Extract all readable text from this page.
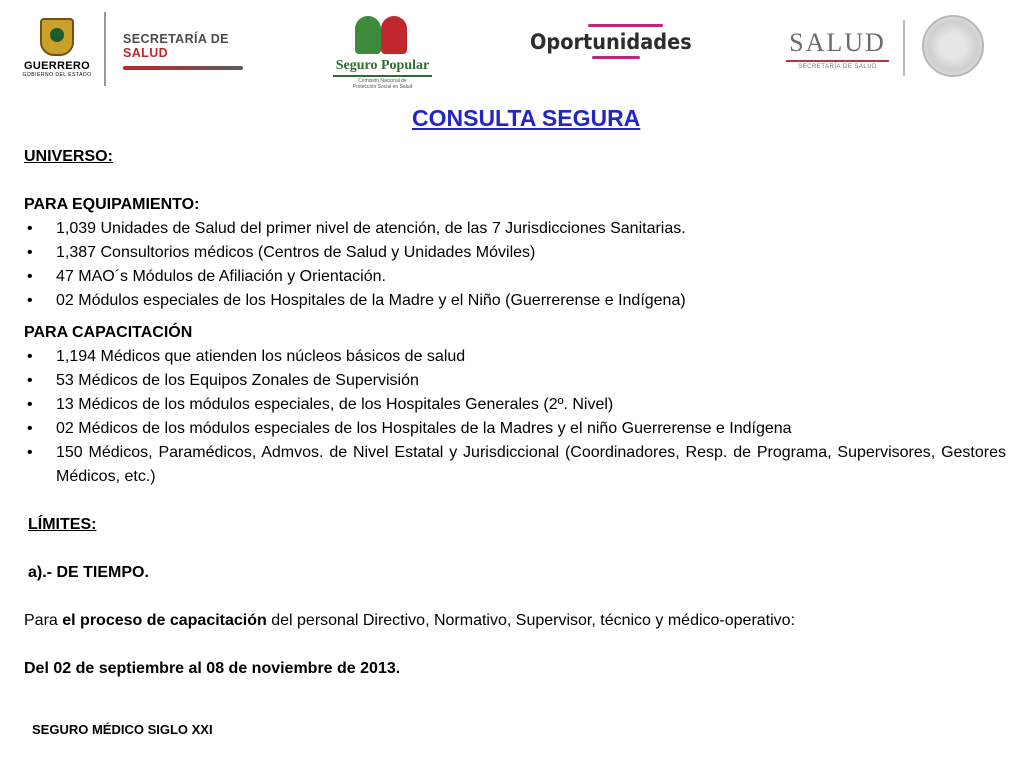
GUERRERO
GOBIERNO DEL ESTADO
SECRETARÍA DE
SALUD
Seguro Popular
Comisión Nacional de
Protección Social en Salud
Oportunidades	SALUD
SECRETARÍA DE SALUD
CONSULTA SEGURA
UNIVERSO:
PARA EQUIPAMIENTO:
• 1,039 Unidades de Salud del primer nivel de atención, de las 7 Jurisdicciones Sanitarias.
• 1,387 Consultorios médicos (Centros de Salud y Unidades Móviles)
• 47 MAO´s Módulos de Afiliación y Orientación.
• 02 Módulos especiales de los Hospitales de la Madre y el Niño (Guerrerense e Indígena)
PARA CAPACITACIÓN
• 1,194 Médicos que atienden los núcleos básicos de salud
• 53 Médicos de los Equipos Zonales de Supervisión
• 13 Médicos de los módulos especiales, de los Hospitales Generales (2º. Nivel)
• 02 Médicos de los módulos especiales de los Hospitales de la Madres y el niño Guerrerense e Indígena
• 150 Médicos, Paramédicos, Admvos. de Nivel Estatal y Jurisdiccional (Coordinadores, Resp. de Programa, Supervisores, Gestores Médicos, etc.)
LÍMITES:
a).- DE TIEMPO.
Para el proceso de capacitación del personal Directivo, Normativo, Supervisor, técnico y médico-operativo:
Del 02 de septiembre al 08 de noviembre de 2013.
SEGURO MÉDICO SIGLO XXI
